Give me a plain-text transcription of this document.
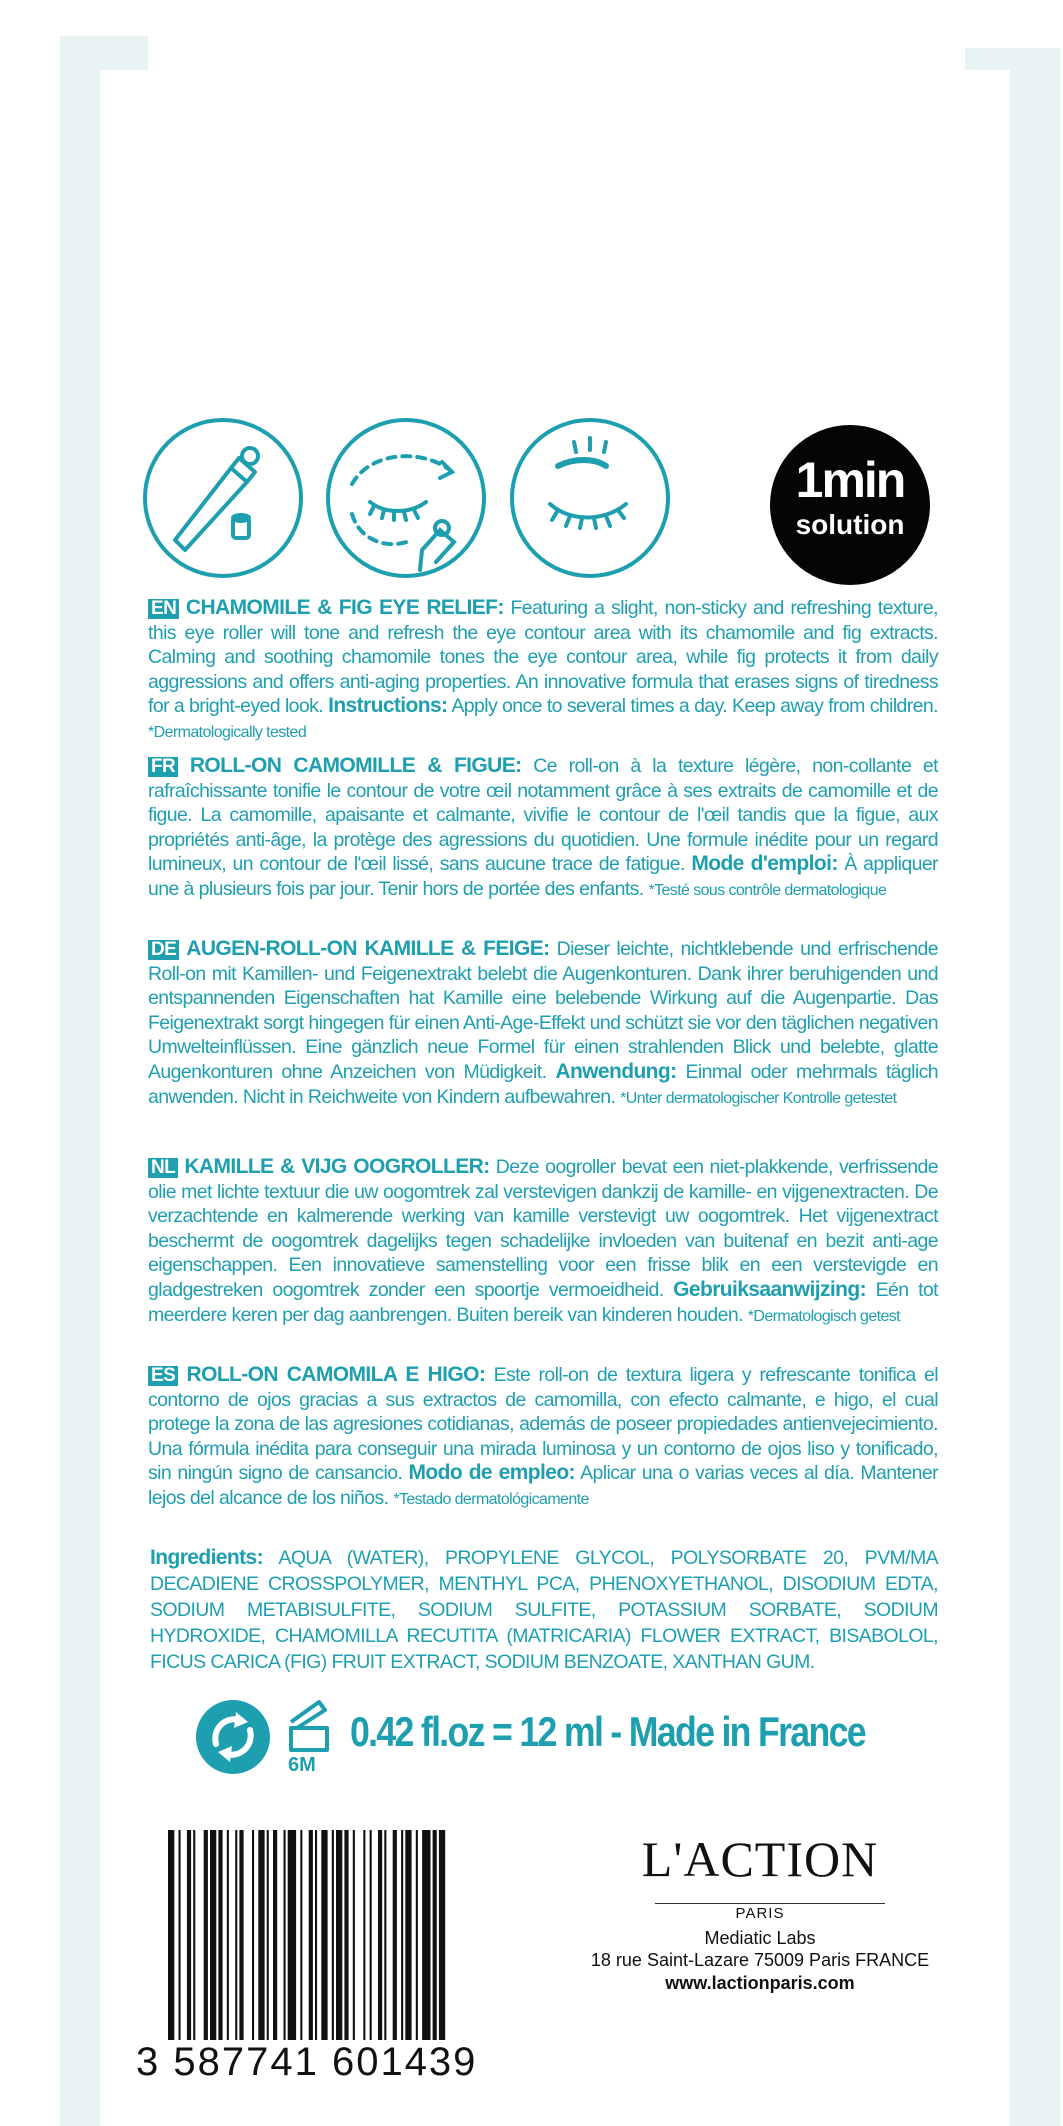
1min
solution
EN CHAMOMILE & FIG EYE RELIEF: Featuring a slight, non-sticky and refreshing texture, this eye roller will tone and refresh the eye contour area with its chamomile and fig extracts. Calming and soothing chamomile tones the eye contour area, while fig protects it from daily aggressions and offers anti-aging properties. An innovative formula that erases signs of tiredness for a bright-eyed look. Instructions: Apply once to several times a day. Keep away from children. *Dermatologically tested
FR ROLL-ON CAMOMILLE & FIGUE: Ce roll-on à la texture légère, non-collante et rafraîchissante tonifie le contour de votre œil notamment grâce à ses extraits de camomille et de figue. La camomille, apaisante et calmante, vivifie le contour de l'œil tandis que la figue, aux propriétés anti-âge, la protège des agressions du quotidien. Une formule inédite pour un regard lumineux, un contour de l'œil lissé, sans aucune trace de fatigue. Mode d'emploi: À appliquer une à plusieurs fois par jour. Tenir hors de portée des enfants. *Testé sous contrôle dermatologique
DE AUGEN-ROLL-ON KAMILLE & FEIGE: Dieser leichte, nichtklebende und erfrischende Roll-on mit Kamillen- und Feigenextrakt belebt die Augenkonturen. Dank ihrer beruhigenden und entspannenden Eigenschaften hat Kamille eine belebende Wirkung auf die Augenpartie. Das Feigenextrakt sorgt hingegen für einen Anti-Age-Effekt und schützt sie vor den täglichen negativen Umwelteinflüssen. Eine gänzlich neue Formel für einen strahlenden Blick und belebte, glatte Augenkonturen ohne Anzeichen von Müdigkeit. Anwendung: Einmal oder mehrmals täglich anwenden. Nicht in Reichweite von Kindern aufbewahren. *Unter dermatologischer Kontrolle getestet
NL KAMILLE & VIJG OOGROLLER: Deze oogroller bevat een niet-plakkende, verfrissende olie met lichte textuur die uw oogomtrek zal verstevigen dankzij de kamille- en vijgenextracten. De verzachtende en kalmerende werking van kamille verstevigt uw oogomtrek. Het vijgenextract beschermt de oogomtrek dagelijks tegen schadelijke invloeden van buitenaf en bezit anti-age eigenschappen. Een innovatieve samenstelling voor een frisse blik en een verstevigde en gladgestreken oogomtrek zonder een spoortje vermoeidheid. Gebruiksaanwijzing: Eén tot meerdere keren per dag aanbrengen. Buiten bereik van kinderen houden. *Dermatologisch getest
ES ROLL-ON CAMOMILA E HIGO: Este roll-on de textura ligera y refrescante tonifica el contorno de ojos gracias a sus extractos de camomilla, con efecto calmante, e higo, el cual protege la zona de las agresiones cotidianas, además de poseer propiedades antienvejecimiento. Una fórmula inédita para conseguir una mirada luminosa y un contorno de ojos liso y tonificado, sin ningún signo de cansancio. Modo de empleo: Aplicar una o varias veces al día. Mantener lejos del alcance de los niños. *Testado dermatológicamente
Ingredients: AQUA (WATER), PROPYLENE GLYCOL, POLYSORBATE 20, PVM/MA DECADIENE CROSSPOLYMER, MENTHYL PCA, PHENOXYETHANOL, DISODIUM EDTA, SODIUM METABISULFITE, SODIUM SULFITE, POTASSIUM SORBATE, SODIUM HYDROXIDE, CHAMOMILLA RECUTITA (MATRICARIA) FLOWER EXTRACT, BISABOLOL, FICUS CARICA (FIG) FRUIT EXTRACT, SODIUM BENZOATE, XANTHAN GUM.
6M
0.42 fl.oz = 12 ml - Made in France
3 587741 601439
L'ACTION
PARIS
Mediatic Labs
18 rue Saint-Lazare 75009 Paris FRANCE
www.lactionparis.com
